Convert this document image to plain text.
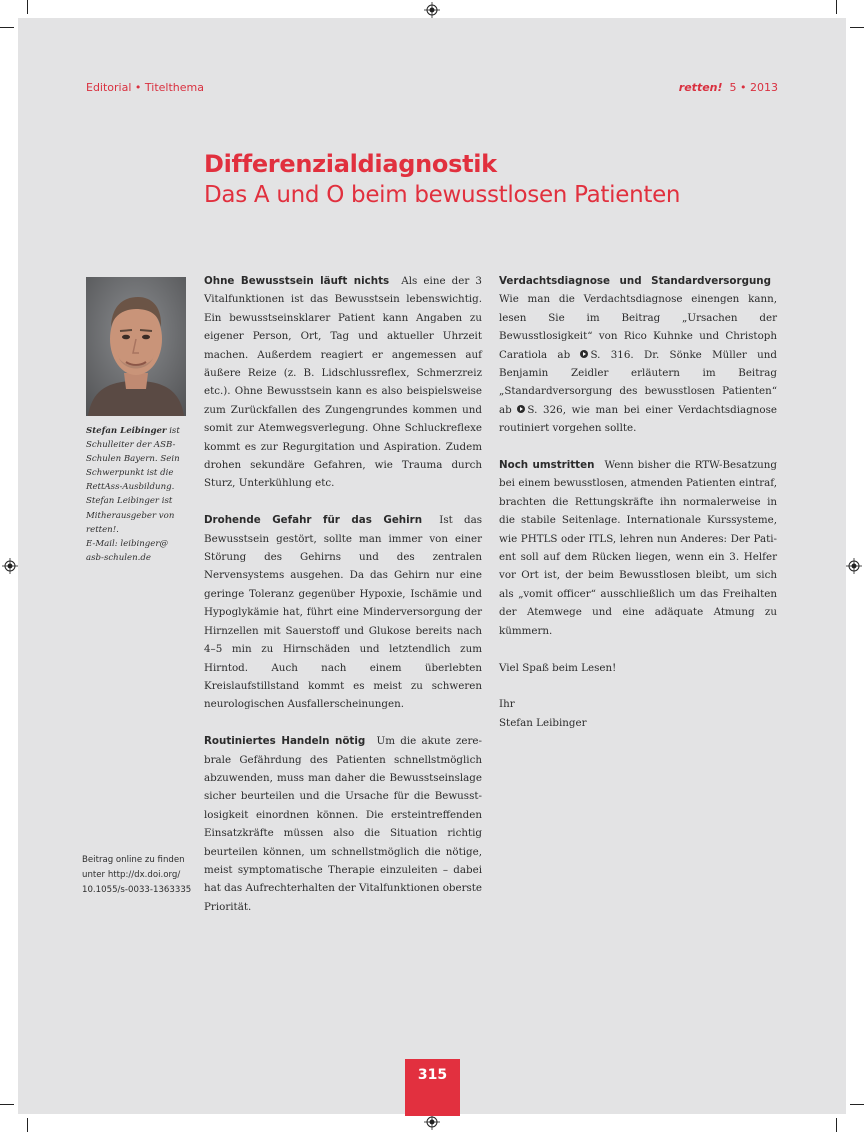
Editorial • Titelthema	retten! 5 • 2013
Differenzialdiagnostik
Das A und O beim bewusstlosen Patienten
Stefan Leibinger ist Schulleiter der ASB-Schulen Bayern. Sein Schwerpunkt ist die RettAss-Ausbildung. Stefan Leibinger ist Mitherausgeber von retten!.
E-Mail: leibinger@
asb-schulen.de
Beitrag online zu finden unter http://dx.doi.org/ 10.1055/s-0033-1363335

Ohne Bewusstsein läuft nichts Als eine der 3 Vitalfunktionen ist das Bewusstsein lebenswichtig. Ein bewusstseinsklarer Patient kann Angaben zu eigener Person, Ort, Tag und aktueller Uhrzeit machen. Außerdem reagiert er angemessen auf äußere Reize (z. B. Lidschlussreflex, Schmerzreiz etc.). Ohne Bewusstsein kann es also beispielsweise zum Zurückfallen des Zungengrundes kommen und somit zur Atemwegsverlegung. Ohne Schluckreflexe kommt es zur Regurgitation und Aspiration. Zudem drohen sekundäre Gefahren, wie Trauma durch Sturz, Unterkühlung etc.

Drohende Gefahr für das Gehirn Ist das Bewusstsein gestört, sollte man immer von einer Störung des Gehirns und des zentralen Nervensystems ausgehen. Da das Gehirn nur eine geringe Toleranz gegenüber Hypoxie, Ischämie und Hypoglykämie hat, führt eine Minderversorgung der Hirnzellen mit Sauerstoff und Glukose bereits nach 4–5 min zu Hirnschäden und letztendlich zum Hirntod. Auch nach einem überlebten Kreislaufstillstand kommt es meist zu schweren neurologischen Ausfallerscheinungen.

Routiniertes Handeln nötig Um die akute zerebrale Gefährdung des Patienten schnellstmöglich abzuwenden, muss man daher die Bewusstseinslage sicher beurteilen und die Ursache für die Bewusstlosigkeit einordnen können. Die ersteintreffenden Einsatzkräfte müssen also die Situation richtig beurteilen können, um schnellstmöglich die nötige, meist symptomatische Therapie einzuleiten – dabei hat das Aufrechterhalten der Vitalfunktionen oberste Priorität.

Verdachtsdiagnose und Standardversorgung Wie man die Verdachtsdiagnose einengen kann, lesen Sie im Beitrag „Ursachen der Bewusstlosigkeit“ von Rico Kuhnke und Christoph Caratiola ab S. 316. Dr. Sönke Müller und Benjamin Zeidler erläutern im Beitrag „Standardversorgung des bewusstlosen Patienten“ ab S. 326, wie man bei einer Verdachtsdiagnose routiniert vorgehen sollte.

Noch umstritten Wenn bisher die RTW-Besatzung bei einem bewusstlosen, atmenden Patienten eintraf, brachten die Rettungskräfte ihn normalerweise in die stabile Seitenlage. Internationale Kurssysteme, wie PHTLS oder ITLS, lehren nun Anderes: Der Patient soll auf dem Rücken liegen, wenn ein 3. Helfer vor Ort ist, der beim Bewusstlosen bleibt, um sich als „vomit officer“ ausschließlich um das Freihalten der Atemwege und eine adäquate Atmung zu kümmern.

Viel Spaß beim Lesen!

Ihr
Stefan Leibinger

315
